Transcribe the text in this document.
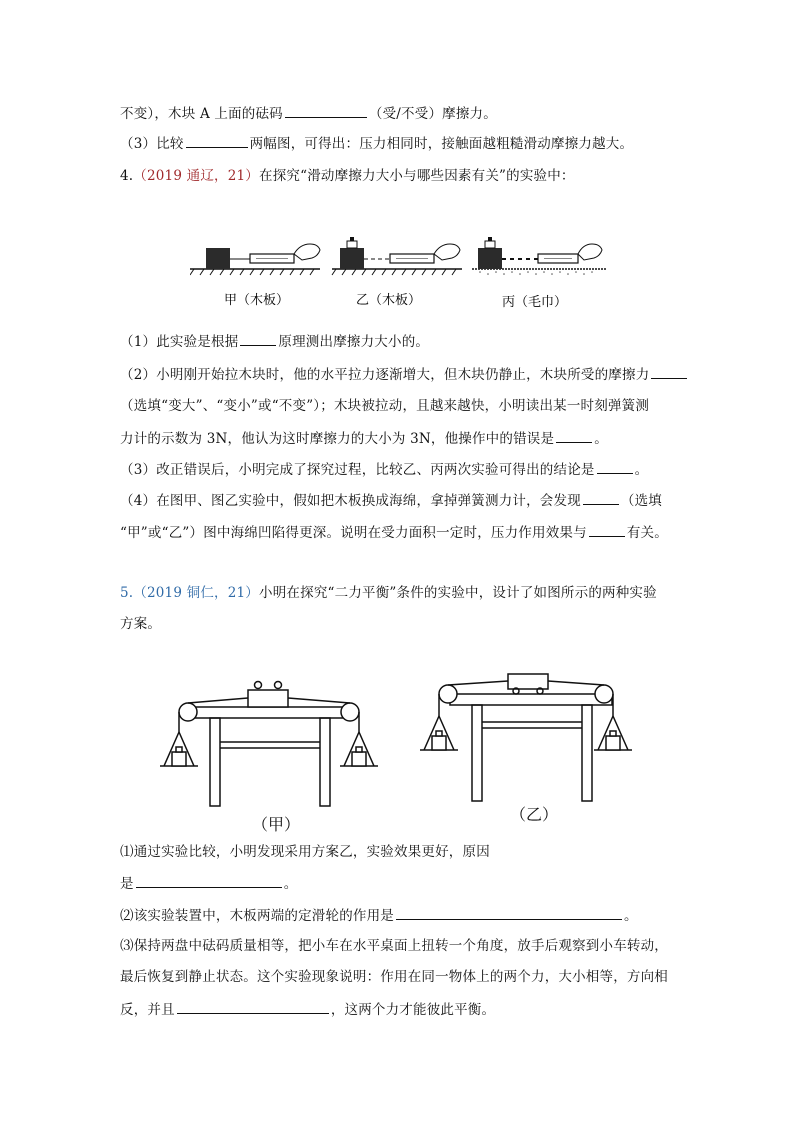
不变），木块 A 上面的砝码	（受/不受）摩擦力。
（3）比较	两幅图，可得出：压力相同时，接触面越粗糙滑动摩擦力越大。
4.（2019 通辽，21）在探究“滑动摩擦力大小与哪些因素有关”的实验中：
甲（木板）	乙（木板）	丙（毛巾）
（1）此实验是根据	原理测出摩擦力大小的。
（2）小明刚开始拉木块时，他的水平拉力逐渐增大，但木块仍静止，木块所受的摩擦力
（选填“变大”、“变小”或“不变”）；木块被拉动，且越来越快，小明读出某一时刻弹簧测
力计的示数为 3N，他认为这时摩擦力的大小为 3N，他操作中的错误是	。
（3）改正错误后，小明完成了探究过程，比较乙、丙两次实验可得出的结论是	。
（4）在图甲、图乙实验中，假如把木板换成海绵，拿掉弹簧测力计，会发现	（选填
“甲”或“乙”）图中海绵凹陷得更深。说明在受力面积一定时，压力作用效果与	有关。
5.（2019 铜仁，21）小明在探究“二力平衡”条件的实验中，设计了如图所示的两种实验
方案。
（甲）
（乙）
⑴通过实验比较，小明发现采用方案乙，实验效果更好，原因
是	。
⑵该实验装置中，木板两端的定滑轮的作用是	。
⑶保持两盘中砝码质量相等，把小车在水平桌面上扭转一个角度，放手后观察到小车转动，
最后恢复到静止状态。这个实验现象说明：作用在同一物体上的两个力，大小相等，方向相
反，并且	，这两个力才能彼此平衡。
